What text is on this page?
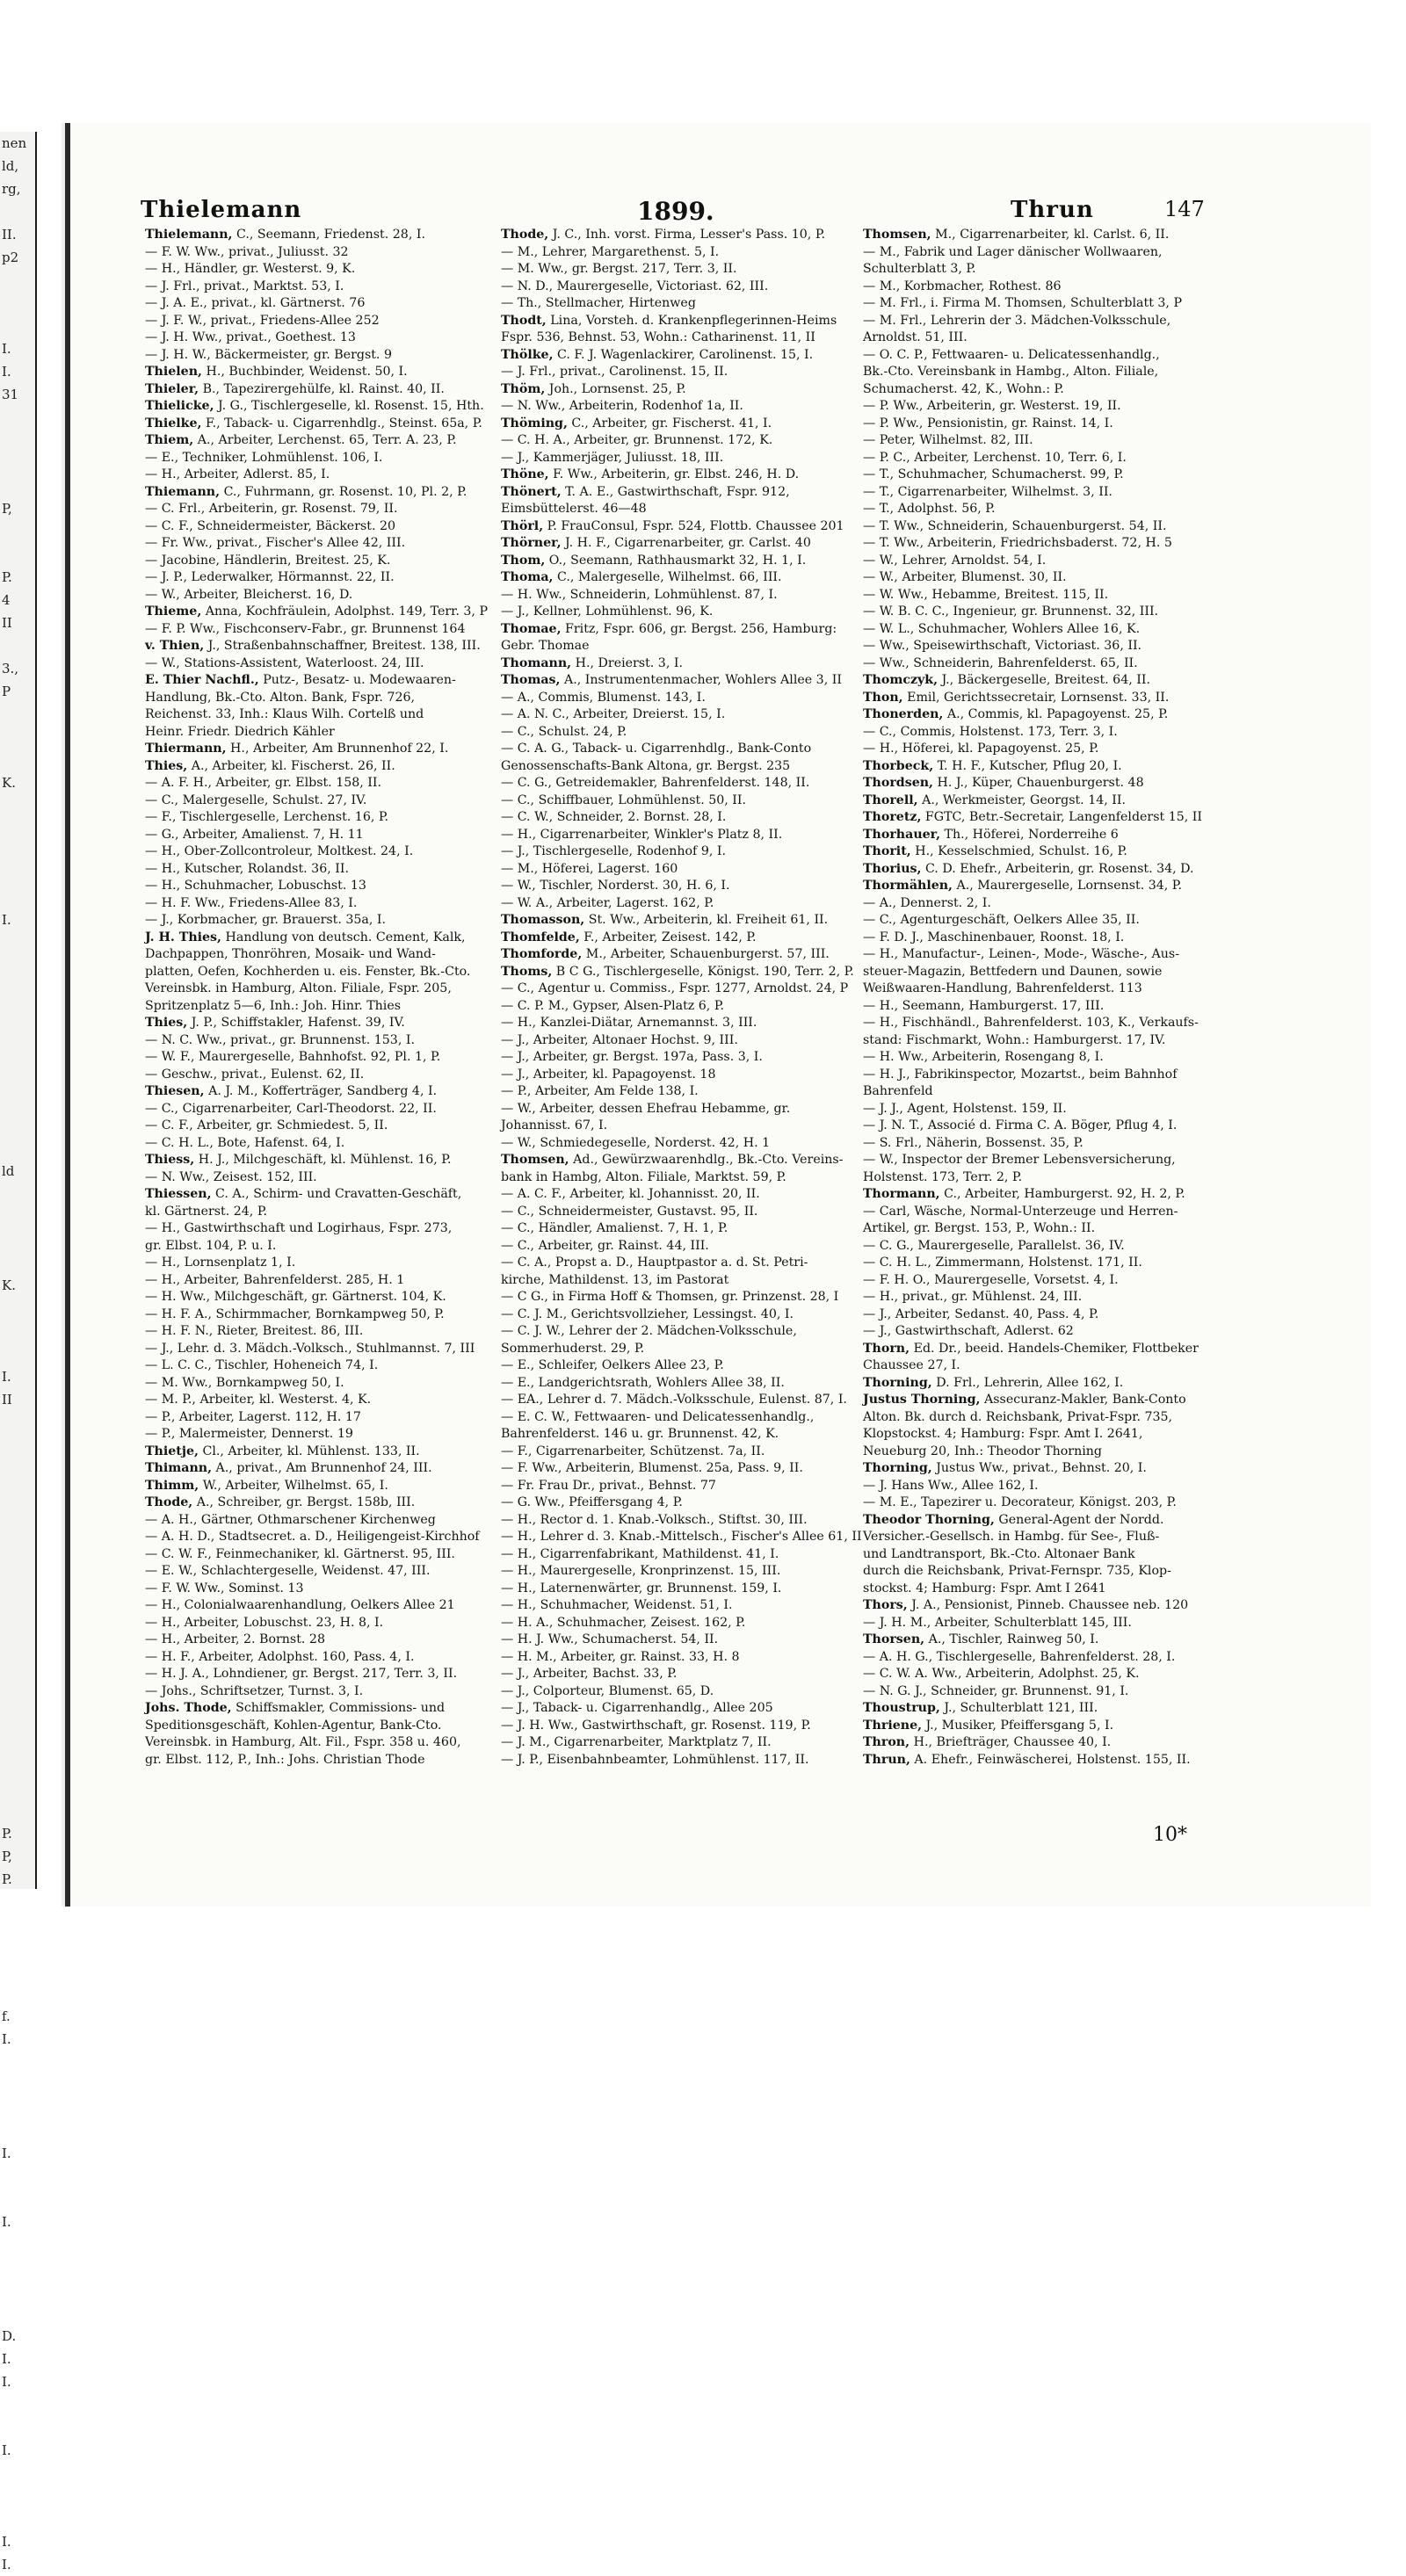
nen
ld,
rg,

II.
p2

I.
I.
31

P,

P.
4
II

3.,
P

K.

I.

ld

K.

I.
II

P.
P,
P.

f.
I.

I.

I.

D.
I.
I.

I.

I.
I.
Thielemann	1899.	Thrun	147
Thielemann, C., Seemann, Friedenst. 28, I.
— F. W. Ww., privat., Juliusst. 32
— H., Händler, gr. Westerst. 9, K.
— J. Frl., privat., Marktst. 53, I.
— J. A. E., privat., kl. Gärtnerst. 76
— J. F. W., privat., Friedens-Allee 252
— J. H. Ww., privat., Goethest. 13
— J. H. W., Bäckermeister, gr. Bergst. 9
Thielen, H., Buchbinder, Weidenst. 50, I.
Thieler, B., Tapezirergehülfe, kl. Rainst. 40, II.
Thielicke, J. G., Tischlergeselle, kl. Rosenst. 15, Hth.
Thielke, F., Taback- u. Cigarrenhdlg., Steinst. 65a, P.
Thiem, A., Arbeiter, Lerchenst. 65, Terr. A. 23, P.
— E., Techniker, Lohmühlenst. 106, I.
— H., Arbeiter, Adlerst. 85, I.
Thiemann, C., Fuhrmann, gr. Rosenst. 10, Pl. 2, P.
— C. Frl., Arbeiterin, gr. Rosenst. 79, II.
— C. F., Schneidermeister, Bäckerst. 20
— Fr. Ww., privat., Fischer's Allee 42, III.
— Jacobine, Händlerin, Breitest. 25, K.
— J. P., Lederwalker, Hörmannst. 22, II.
— W., Arbeiter, Bleicherst. 16, D.
Thieme, Anna, Kochfräulein, Adolphst. 149, Terr. 3, P
— F. P. Ww., Fischconserv-Fabr., gr. Brunnenst 164
v. Thien, J., Straßenbahnschaffner, Breitest. 138, III.
— W., Stations-Assistent, Waterloost. 24, III.
E. Thier Nachfl., Putz-, Besatz- u. Modewaaren-
Handlung, Bk.-Cto. Alton. Bank, Fspr. 726,
Reichenst. 33, Inh.: Klaus Wilh. Cortelß und
Heinr. Friedr. Diedrich Kähler
Thiermann, H., Arbeiter, Am Brunnenhof 22, I.
Thies, A., Arbeiter, kl. Fischerst. 26, II.
— A. F. H., Arbeiter, gr. Elbst. 158, II.
— C., Malergeselle, Schulst. 27, IV.
— F., Tischlergeselle, Lerchenst. 16, P.
— G., Arbeiter, Amalienst. 7, H. 11
— H., Ober-Zollcontroleur, Moltkest. 24, I.
— H., Kutscher, Rolandst. 36, II.
— H., Schuhmacher, Lobuschst. 13
— H. F. Ww., Friedens-Allee 83, I.
— J., Korbmacher, gr. Brauerst. 35a, I.
J. H. Thies, Handlung von deutsch. Cement, Kalk,
Dachpappen, Thonröhren, Mosaik- und Wand-
platten, Oefen, Kochherden u. eis. Fenster, Bk.-Cto.
Vereinsbk. in Hamburg, Alton. Filiale, Fspr. 205,
Spritzenplatz 5—6, Inh.: Joh. Hinr. Thies
Thies, J. P., Schiffstakler, Hafenst. 39, IV.
— N. C. Ww., privat., gr. Brunnenst. 153, I.
— W. F., Maurergeselle, Bahnhofst. 92, Pl. 1, P.
— Geschw., privat., Eulenst. 62, II.
Thiesen, A. J. M., Kofferträger, Sandberg 4, I.
— C., Cigarrenarbeiter, Carl-Theodorst. 22, II.
— C. F., Arbeiter, gr. Schmiedest. 5, II.
— C. H. L., Bote, Hafenst. 64, I.
Thiess, H. J., Milchgeschäft, kl. Mühlenst. 16, P.
— N. Ww., Zeisest. 152, III.
Thiessen, C. A., Schirm- und Cravatten-Geschäft,
kl. Gärtnerst. 24, P.
— H., Gastwirthschaft und Logirhaus, Fspr. 273,
gr. Elbst. 104, P. u. I.
— H., Lornsenplatz 1, I.
— H., Arbeiter, Bahrenfelderst. 285, H. 1
— H. Ww., Milchgeschäft, gr. Gärtnerst. 104, K.
— H. F. A., Schirmmacher, Bornkampweg 50, P.
— H. F. N., Rieter, Breitest. 86, III.
— J., Lehr. d. 3. Mädch.-Volksch., Stuhlmannst. 7, III
— L. C. C., Tischler, Hoheneich 74, I.
— M. Ww., Bornkampweg 50, I.
— M. P., Arbeiter, kl. Westerst. 4, K.
— P., Arbeiter, Lagerst. 112, H. 17
— P., Malermeister, Dennerst. 19
Thietje, Cl., Arbeiter, kl. Mühlenst. 133, II.
Thimann, A., privat., Am Brunnenhof 24, III.
Thimm, W., Arbeiter, Wilhelmst. 65, I.
Thode, A., Schreiber, gr. Bergst. 158b, III.
— A. H., Gärtner, Othmarschener Kirchenweg
— A. H. D., Stadtsecret. a. D., Heiligengeist-Kirchhof
— C. W. F., Feinmechaniker, kl. Gärtnerst. 95, III.
— E. W., Schlachtergeselle, Weidenst. 47, III.
— F. W. Ww., Sominst. 13
— H., Colonialwaarenhandlung, Oelkers Allee 21
— H., Arbeiter, Lobuschst. 23, H. 8, I.
— H., Arbeiter, 2. Bornst. 28
— H. F., Arbeiter, Adolphst. 160, Pass. 4, I.
— H. J. A., Lohndiener, gr. Bergst. 217, Terr. 3, II.
— Johs., Schriftsetzer, Turnst. 3, I.
Johs. Thode, Schiffsmakler, Commissions- und
Speditionsgeschäft, Kohlen-Agentur, Bank-Cto.
Vereinsbk. in Hamburg, Alt. Fil., Fspr. 358 u. 460,
gr. Elbst. 112, P., Inh.: Johs. Christian Thode
Thode, J. C., Inh. vorst. Firma, Lesser's Pass. 10, P.
— M., Lehrer, Margarethenst. 5, I.
— M. Ww., gr. Bergst. 217, Terr. 3, II.
— N. D., Maurergeselle, Victoriast. 62, III.
— Th., Stellmacher, Hirtenweg
Thodt, Lina, Vorsteh. d. Krankenpflegerinnen-Heims
Fspr. 536, Behnst. 53, Wohn.: Catharinenst. 11, II
Thölke, C. F. J. Wagenlackirer, Carolinenst. 15, I.
— J. Frl., privat., Carolinenst. 15, II.
Thöm, Joh., Lornsenst. 25, P.
— N. Ww., Arbeiterin, Rodenhof 1a, II.
Thöming, C., Arbeiter, gr. Fischerst. 41, I.
— C. H. A., Arbeiter, gr. Brunnenst. 172, K.
— J., Kammerjäger, Juliusst. 18, III.
Thöne, F. Ww., Arbeiterin, gr. Elbst. 246, H. D.
Thönert, T. A. E., Gastwirthschaft, Fspr. 912,
Eimsbüttelerst. 46—48
Thörl, P. FrauConsul, Fspr. 524, Flottb. Chaussee 201
Thörner, J. H. F., Cigarrenarbeiter, gr. Carlst. 40
Thom, O., Seemann, Rathhausmarkt 32, H. 1, I.
Thoma, C., Malergeselle, Wilhelmst. 66, III.
— H. Ww., Schneiderin, Lohmühlenst. 87, I.
— J., Kellner, Lohmühlenst. 96, K.
Thomae, Fritz, Fspr. 606, gr. Bergst. 256, Hamburg:
Gebr. Thomae
Thomann, H., Dreierst. 3, I.
Thomas, A., Instrumentenmacher, Wohlers Allee 3, II
— A., Commis, Blumenst. 143, I.
— A. N. C., Arbeiter, Dreierst. 15, I.
— C., Schulst. 24, P.
— C. A. G., Taback- u. Cigarrenhdlg., Bank-Conto
Genossenschafts-Bank Altona, gr. Bergst. 235
— C. G., Getreidemakler, Bahrenfelderst. 148, II.
— C., Schiffbauer, Lohmühlenst. 50, II.
— C. W., Schneider, 2. Bornst. 28, I.
— H., Cigarrenarbeiter, Winkler's Platz 8, II.
— J., Tischlergeselle, Rodenhof 9, I.
— M., Höferei, Lagerst. 160
— W., Tischler, Norderst. 30, H. 6, I.
— W. A., Arbeiter, Lagerst. 162, P.
Thomasson, St. Ww., Arbeiterin, kl. Freiheit 61, II.
Thomfelde, F., Arbeiter, Zeisest. 142, P.
Thomforde, M., Arbeiter, Schauenburgerst. 57, III.
Thoms, B C G., Tischlergeselle, Königst. 190, Terr. 2, P.
— C., Agentur u. Commiss., Fspr. 1277, Arnoldst. 24, P
— C. P. M., Gypser, Alsen-Platz 6, P.
— H., Kanzlei-Diätar, Arnemannst. 3, III.
— J., Arbeiter, Altonaer Hochst. 9, III.
— J., Arbeiter, gr. Bergst. 197a, Pass. 3, I.
— J., Arbeiter, kl. Papagoyenst. 18
— P., Arbeiter, Am Felde 138, I.
— W., Arbeiter, dessen Ehefrau Hebamme, gr.
Johannisst. 67, I.
— W., Schmiedegeselle, Norderst. 42, H. 1
Thomsen, Ad., Gewürzwaarenhdlg., Bk.-Cto. Vereins-
bank in Hambg, Alton. Filiale, Marktst. 59, P.
— A. C. F., Arbeiter, kl. Johannisst. 20, II.
— C., Schneidermeister, Gustavst. 95, II.
— C., Händler, Amalienst. 7, H. 1, P.
— C., Arbeiter, gr. Rainst. 44, III.
— C. A., Propst a. D., Hauptpastor a. d. St. Petri-
kirche, Mathildenst. 13, im Pastorat
— C G., in Firma Hoff & Thomsen, gr. Prinzenst. 28, I
— C. J. M., Gerichtsvollzieher, Lessingst. 40, I.
— C. J. W., Lehrer der 2. Mädchen-Volksschule,
Sommerhuderst. 29, P.
— E., Schleifer, Oelkers Allee 23, P.
— E., Landgerichtsrath, Wohlers Allee 38, II.
— EA., Lehrer d. 7. Mädch.-Volksschule, Eulenst. 87, I.
— E. C. W., Fettwaaren- und Delicatessenhandlg.,
Bahrenfelderst. 146 u. gr. Brunnenst. 42, K.
— F., Cigarrenarbeiter, Schützenst. 7a, II.
— F. Ww., Arbeiterin, Blumenst. 25a, Pass. 9, II.
— Fr. Frau Dr., privat., Behnst. 77
— G. Ww., Pfeiffersgang 4, P.
— H., Rector d. 1. Knab.-Volksch., Stiftst. 30, III.
— H., Lehrer d. 3. Knab.-Mittelsch., Fischer's Allee 61, II
— H., Cigarrenfabrikant, Mathildenst. 41, I.
— H., Maurergeselle, Kronprinzenst. 15, III.
— H., Laternenwärter, gr. Brunnenst. 159, I.
— H., Schuhmacher, Weidenst. 51, I.
— H. A., Schuhmacher, Zeisest. 162, P.
— H. J. Ww., Schumacherst. 54, II.
— H. M., Arbeiter, gr. Rainst. 33, H. 8
— J., Arbeiter, Bachst. 33, P.
— J., Colporteur, Blumenst. 65, D.
— J., Taback- u. Cigarrenhandlg., Allee 205
— J. H. Ww., Gastwirthschaft, gr. Rosenst. 119, P.
— J. M., Cigarrenarbeiter, Marktplatz 7, II.
— J. P., Eisenbahnbeamter, Lohmühlenst. 117, II.
Thomsen, M., Cigarrenarbeiter, kl. Carlst. 6, II.
— M., Fabrik und Lager dänischer Wollwaaren,
Schulterblatt 3, P.
— M., Korbmacher, Rothest. 86
— M. Frl., i. Firma M. Thomsen, Schulterblatt 3, P
— M. Frl., Lehrerin der 3. Mädchen-Volksschule,
Arnoldst. 51, III.
— O. C. P., Fettwaaren- u. Delicatessenhandlg.,
Bk.-Cto. Vereinsbank in Hambg., Alton. Filiale,
Schumacherst. 42, K., Wohn.: P.
— P. Ww., Arbeiterin, gr. Westerst. 19, II.
— P. Ww., Pensionistin, gr. Rainst. 14, I.
— Peter, Wilhelmst. 82, III.
— P. C., Arbeiter, Lerchenst. 10, Terr. 6, I.
— T., Schuhmacher, Schumacherst. 99, P.
— T., Cigarrenarbeiter, Wilhelmst. 3, II.
— T., Adolphst. 56, P.
— T. Ww., Schneiderin, Schauenburgerst. 54, II.
— T. Ww., Arbeiterin, Friedrichsbaderst. 72, H. 5
— W., Lehrer, Arnoldst. 54, I.
— W., Arbeiter, Blumenst. 30, II.
— W. Ww., Hebamme, Breitest. 115, II.
— W. B. C. C., Ingenieur, gr. Brunnenst. 32, III.
— W. L., Schuhmacher, Wohlers Allee 16, K.
— Ww., Speisewirthschaft, Victoriast. 36, II.
— Ww., Schneiderin, Bahrenfelderst. 65, II.
Thomczyk, J., Bäckergeselle, Breitest. 64, II.
Thon, Emil, Gerichtssecretair, Lornsenst. 33, II.
Thonerden, A., Commis, kl. Papagoyenst. 25, P.
— C., Commis, Holstenst. 173, Terr. 3, I.
— H., Höferei, kl. Papagoyenst. 25, P.
Thorbeck, T. H. F., Kutscher, Pflug 20, I.
Thordsen, H. J., Küper, Chauenburgerst. 48
Thorell, A., Werkmeister, Georgst. 14, II.
Thoretz, FGTC, Betr.-Secretair, Langenfelderst 15, II
Thorhauer, Th., Höferei, Norderreihe 6
Thorit, H., Kesselschmied, Schulst. 16, P.
Thorius, C. D. Ehefr., Arbeiterin, gr. Rosenst. 34, D.
Thormählen, A., Maurergeselle, Lornsenst. 34, P.
— A., Dennerst. 2, I.
— C., Agenturgeschäft, Oelkers Allee 35, II.
— F. D. J., Maschinenbauer, Roonst. 18, I.
— H., Manufactur-, Leinen-, Mode-, Wäsche-, Aus-
steuer-Magazin, Bettfedern und Daunen, sowie
Weißwaaren-Handlung, Bahrenfelderst. 113
— H., Seemann, Hamburgerst. 17, III.
— H., Fischhändl., Bahrenfelderst. 103, K., Verkaufs-
stand: Fischmarkt, Wohn.: Hamburgerst. 17, IV.
— H. Ww., Arbeiterin, Rosengang 8, I.
— H. J., Fabrikinspector, Mozartst., beim Bahnhof
Bahrenfeld
— J. J., Agent, Holstenst. 159, II.
— J. N. T., Associé d. Firma C. A. Böger, Pflug 4, I.
— S. Frl., Näherin, Bossenst. 35, P.
— W., Inspector der Bremer Lebensversicherung,
Holstenst. 173, Terr. 2, P.
Thormann, C., Arbeiter, Hamburgerst. 92, H. 2, P.
— Carl, Wäsche, Normal-Unterzeuge und Herren-
Artikel, gr. Bergst. 153, P., Wohn.: II.
— C. G., Maurergeselle, Parallelst. 36, IV.
— C. H. L., Zimmermann, Holstenst. 171, II.
— F. H. O., Maurergeselle, Vorsetst. 4, I.
— H., privat., gr. Mühlenst. 24, III.
— J., Arbeiter, Sedanst. 40, Pass. 4, P.
— J., Gastwirthschaft, Adlerst. 62
Thorn, Ed. Dr., beeid. Handels-Chemiker, Flottbeker
Chaussee 27, I.
Thorning, D. Frl., Lehrerin, Allee 162, I.
Justus Thorning, Assecuranz-Makler, Bank-Conto
Alton. Bk. durch d. Reichsbank, Privat-Fspr. 735,
Klopstockst. 4; Hamburg: Fspr. Amt I. 2641,
Neueburg 20, Inh.: Theodor Thorning
Thorning, Justus Ww., privat., Behnst. 20, I.
— J. Hans Ww., Allee 162, I.
— M. E., Tapezirer u. Decorateur, Königst. 203, P.
Theodor Thorning, General-Agent der Nordd.
Versicher.-Gesellsch. in Hambg. für See-, Fluß-
und Landtransport, Bk.-Cto. Altonaer Bank
durch die Reichsbank, Privat-Fernspr. 735, Klop-
stockst. 4; Hamburg: Fspr. Amt I 2641
Thors, J. A., Pensionist, Pinneb. Chaussee neb. 120
— J. H. M., Arbeiter, Schulterblatt 145, III.
Thorsen, A., Tischler, Rainweg 50, I.
— A. H. G., Tischlergeselle, Bahrenfelderst. 28, I.
— C. W. A. Ww., Arbeiterin, Adolphst. 25, K.
— N. G. J., Schneider, gr. Brunnenst. 91, I.
Thoustrup, J., Schulterblatt 121, III.
Thriene, J., Musiker, Pfeiffersgang 5, I.
Thron, H., Briefträger, Chaussee 40, I.
Thrun, A. Ehefr., Feinwäscherei, Holstenst. 155, II.
10*
